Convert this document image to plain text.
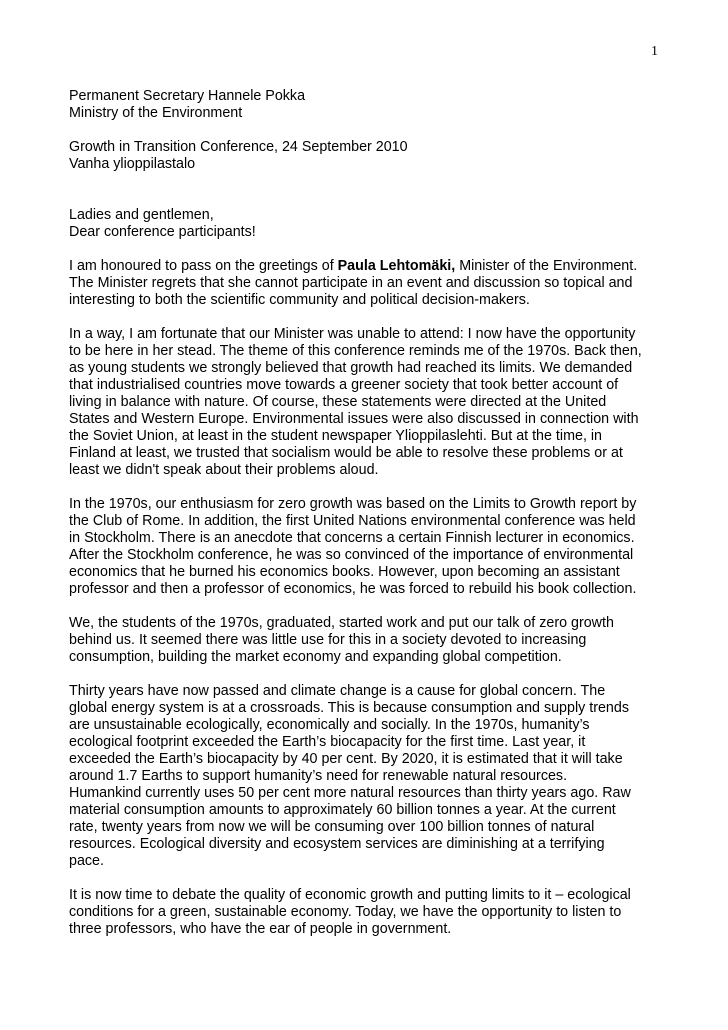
1
Permanent Secretary Hannele Pokka
Ministry of the Environment
Growth in Transition Conference, 24 September 2010
Vanha ylioppilastalo
Ladies and gentlemen,
Dear conference participants!
I am honoured to pass on the greetings of Paula Lehtomäki, Minister of the Environment.
The Minister regrets that she cannot participate in an event and discussion so topical and
interesting to both the scientific community and political decision-makers.
In a way, I am fortunate that our Minister was unable to attend: I now have the opportunity
to be here in her stead. The theme of this conference reminds me of the 1970s. Back then,
as young students we strongly believed that growth had reached its limits. We demanded
that industrialised countries move towards a greener society that took better account of
living in balance with nature. Of course, these statements were directed at the United
States and Western Europe. Environmental issues were also discussed in connection with
the Soviet Union, at least in the student newspaper Ylioppilaslehti. But at the time, in
Finland at least, we trusted that socialism would be able to resolve these problems or at
least we didn't speak about their problems aloud.
In the 1970s, our enthusiasm for zero growth was based on the Limits to Growth report by
the Club of Rome. In addition, the first United Nations environmental conference was held
in Stockholm. There is an anecdote that concerns a certain Finnish lecturer in economics.
After the Stockholm conference, he was so convinced of the importance of environmental
economics that he burned his economics books. However, upon becoming an assistant
professor and then a professor of economics, he was forced to rebuild his book collection.
We, the students of the 1970s, graduated, started work and put our talk of zero growth
behind us. It seemed there was little use for this in a society devoted to increasing
consumption, building the market economy and expanding global competition.
Thirty years have now passed and climate change is a cause for global concern. The
global energy system is at a crossroads. This is because consumption and supply trends
are unsustainable ecologically, economically and socially. In the 1970s, humanity’s
ecological footprint exceeded the Earth’s biocapacity for the first time. Last year, it
exceeded the Earth’s biocapacity by 40 per cent. By 2020, it is estimated that it will take
around 1.7 Earths to support humanity’s need for renewable natural resources.
Humankind currently uses 50 per cent more natural resources than thirty years ago. Raw
material consumption amounts to approximately 60 billion tonnes a year. At the current
rate, twenty years from now we will be consuming over 100 billion tonnes of natural
resources. Ecological diversity and ecosystem services are diminishing at a terrifying
pace.
It is now time to debate the quality of economic growth and putting limits to it – ecological
conditions for a green, sustainable economy. Today, we have the opportunity to listen to
three professors, who have the ear of people in government.
